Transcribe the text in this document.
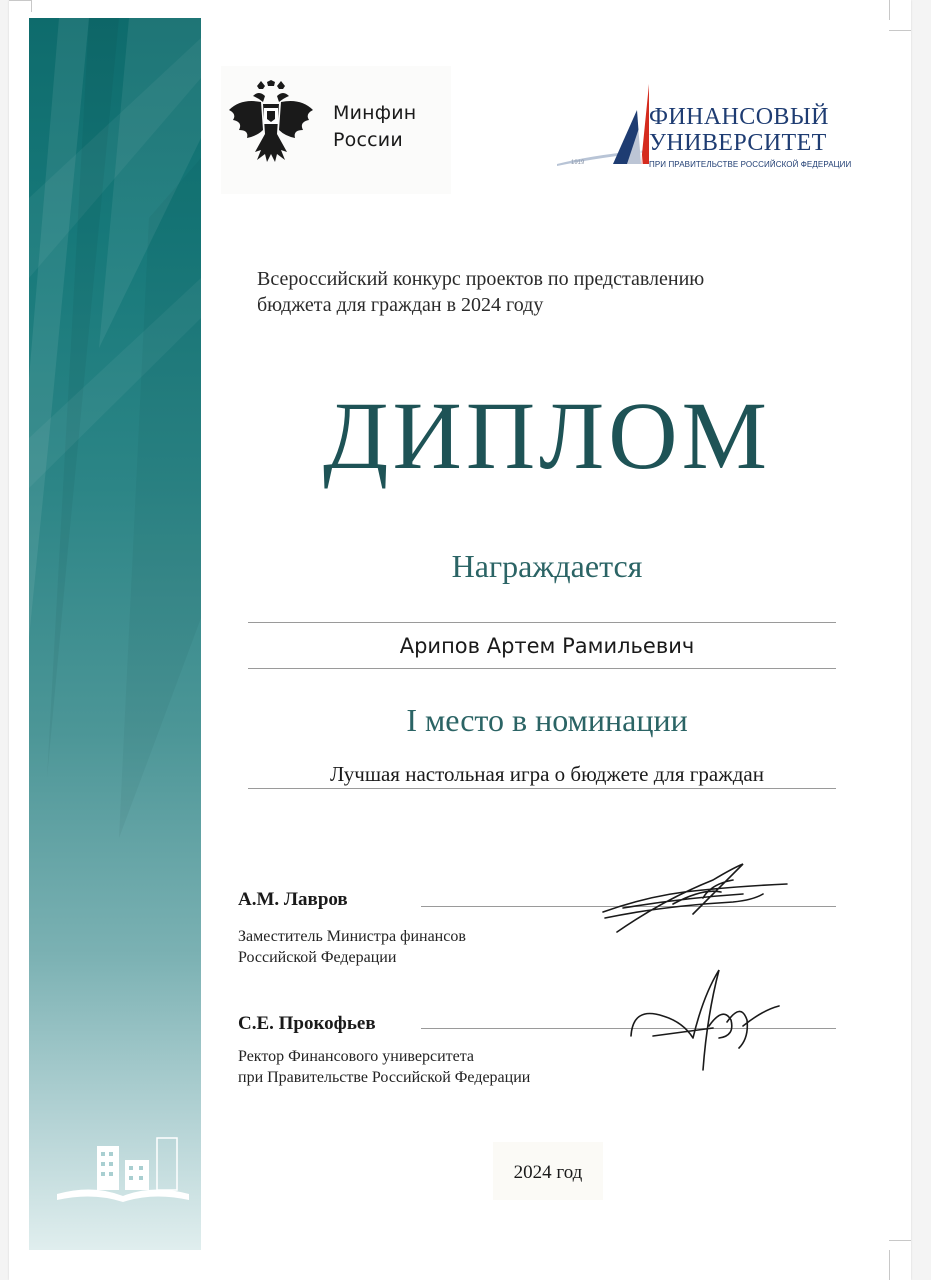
Минфин
России
1919
ФИНАНСОВЫЙ
УНИВЕРСИТЕТ
ПРИ ПРАВИТЕЛЬСТВЕ РОССИЙСКОЙ ФЕДЕРАЦИИ
Всероссийский конкурс проектов по представлению
бюджета для граждан в 2024 году
ДИПЛОМ
Награждается
Арипов Артем Рамильевич
I место в номинации
Лучшая настольная игра о бюджете для граждан
А.М. Лавров
Заместитель Министра финансов
Российской Федерации
С.Е. Прокофьев
Ректор Финансового университета
при Правительстве Российской Федерации
2024 год
